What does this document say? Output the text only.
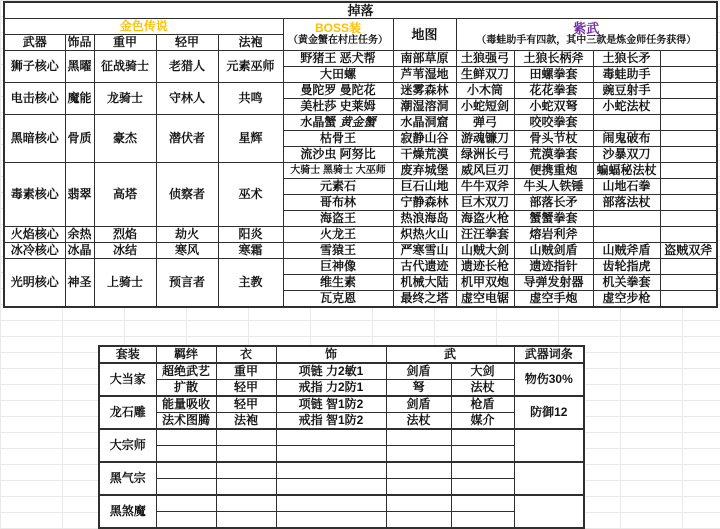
掉落										
金色传说	BOSS装
（黄金蟹在村庄任务）	地图	紫武
（毒蛙助手有四款，其中三款是炼金师任务获得）

武器	饰品	重甲	轻甲	法袍						
狮子核心	黑曜	征战骑士	老猎人	元素巫师	野猪王 恶犬帮	南部草原	土狼强弓	土狼长柄斧	土狼长矛	
					大田螺	芦苇湿地	生鲜双刀	田螺拳套	毒蛙助手	
电击核心	魔能	龙骑士	守林人	共鸣	曼陀罗 曼陀花	迷雾森林	小木筒	花花拳套	豌豆射手	
					美杜莎 史莱姆	潮湿溶洞	小蛇短剑	小蛇双弩	小蛇法杖	
黑暗核心	骨质	豪杰	潜伏者	星辉	水晶蟹 黄金蟹	水晶洞窟	弹弓	咬咬拳套		
					枯骨王	寂静山谷	游魂镰刀	骨头节杖	闹鬼破布	
					流沙虫 阿努比	干燥荒漠	绿洲长弓	荒漠拳套	沙暴双刀	
毒素核心	翡翠	高塔	侦察者	巫术	大骑士 黑骑士 大巫师	废弃城堡	威风巨刃	便携重炮	蝙蝠秘法杖	
					元素石	巨石山地	牛牛双斧	牛头人铁锤	山地石拳	
					哥布林	宁静森林	巨木双刀	部落长矛	部落法杖	
					海盗王	热浪海岛	海盗火枪	蟹蟹拳套		
火焰核心	余热	烈焰	劫火	阳炎	火龙王	炽热火山	汪汪拳套	熔岩利斧		
冰冷核心	冰晶	冰结	寒风	寒霜	雪猿王	严寒雪山	山贼大剑	山贼剑盾	山贼斧盾	盗贼双斧
光明核心	神圣	上骑士	预言者	主教	巨神像	古代遗迹	遗迹长枪	遗迹指针	齿轮指虎	
					维生素	机械大陆	机甲双炮	导弹发射器	机关拳套	
					瓦克恩	最终之塔	虚空电锯	虚空手炮	虚空步枪	
套装	羁绊	衣	饰	武		武器词条
大当家	超绝武艺	重甲	项链 力2敏1	剑盾	大剑	物伤30%
	扩散	轻甲	戒指 力2防1	弩	法杖	
龙石雕	能量吸收	轻甲	项链 智1防2	剑盾	枪盾	防御12
	法术图腾	法袍	戒指 智1防2	法杖	媒介	
大宗师						

黑气宗						

黑煞魔						
